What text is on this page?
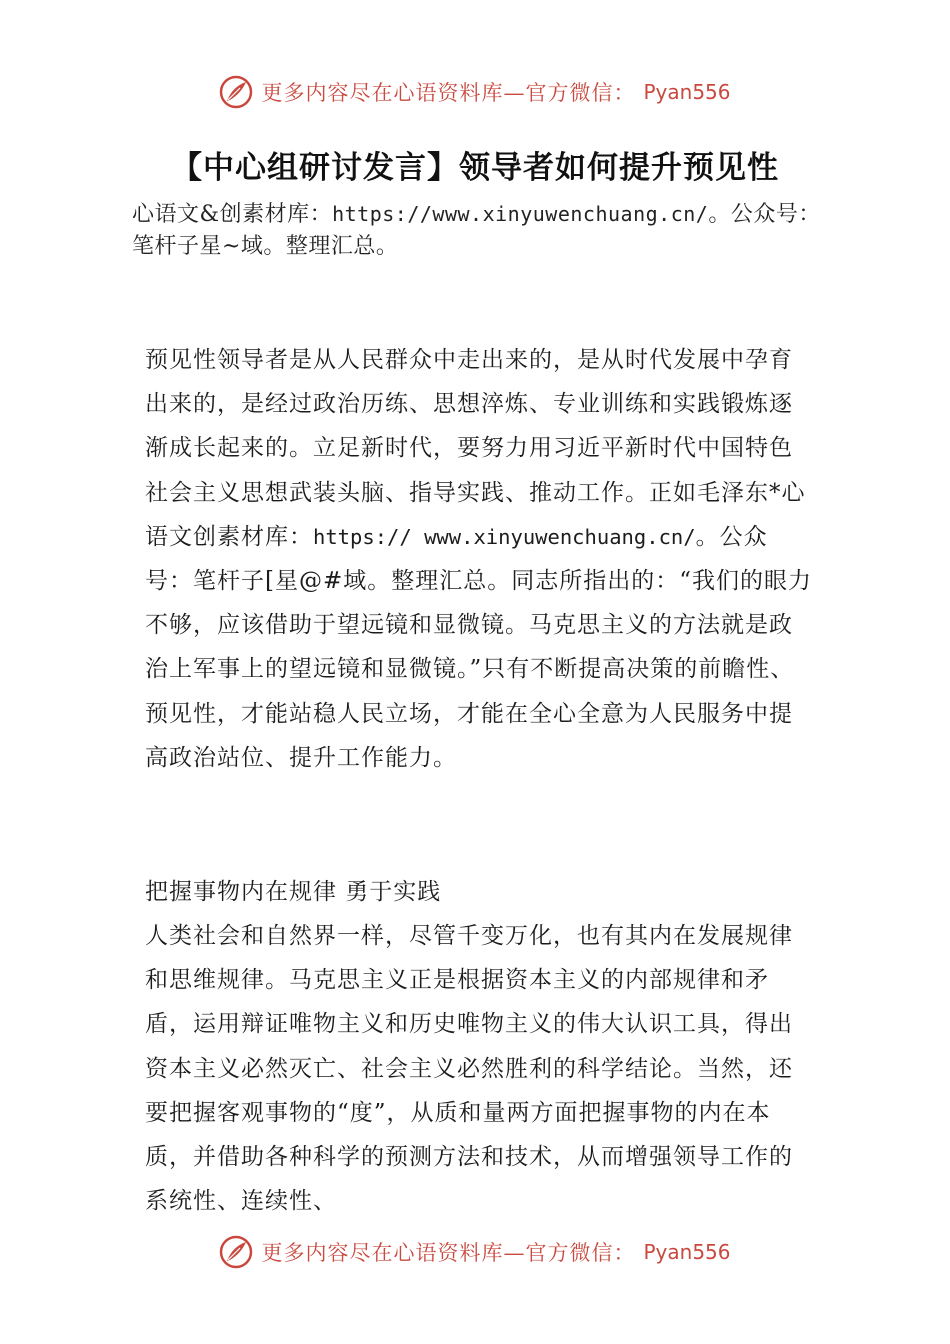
更多内容尽在心语资料库—官方微信： Pyan556
【中心组研讨发言】领导者如何提升预见性
心语文&创素材库：https://www.xinyuwenchuang.cn/。公众号：笔杆子星~域。整理汇总。
预见性领导者是从人民群众中走出来的，是从时代发展中孕育出来的，是经过政治历练、思想淬炼、专业训练和实践锻炼逐渐成长起来的。立足新时代，要努力用习近平新时代中国特色社会主义思想武装头脑、指导实践、推动工作。正如毛泽东*心语文创素材库：https:// www.xinyuwenchuang.cn/。公众号：笔杆子[星@#域。整理汇总。同志所指出的：“我们的眼力不够，应该借助于望远镜和显微镜。马克思主义的方法就是政治上军事上的望远镜和显微镜。”只有不断提高决策的前瞻性、预见性，才能站稳人民立场，才能在全心全意为人民服务中提高政治站位、提升工作能力。
把握事物内在规律 勇于实践
人类社会和自然界一样，尽管千变万化，也有其内在发展规律和思维规律。马克思主义正是根据资本主义的内部规律和矛盾，运用辩证唯物主义和历史唯物主义的伟大认识工具，得出资本主义必然灭亡、社会主义必然胜利的科学结论。当然，还要把握客观事物的“度”，从质和量两方面把握事物的内在本质，并借助各种科学的预测方法和技术，从而增强领导工作的系统性、连续性、
更多内容尽在心语资料库—官方微信： Pyan556
